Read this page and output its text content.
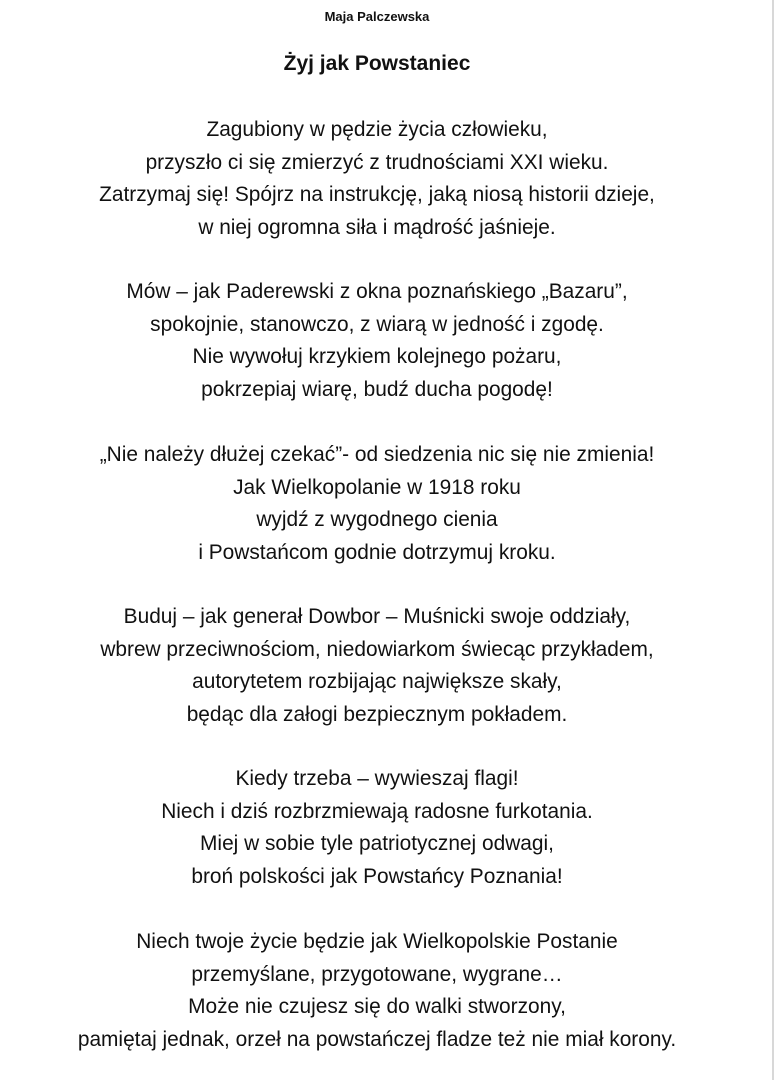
Maja Palczewska
Żyj jak Powstaniec
Zagubiony w pędzie życia człowieku,
przyszło ci się zmierzyć z trudnościami XXI wieku.
Zatrzymaj się! Spójrz na instrukcję, jaką niosą historii dzieje,
w niej ogromna siła i mądrość jaśnieje.
Mów – jak Paderewski z okna poznańskiego „Bazaru”,
spokojnie, stanowczo, z wiarą w jedność i zgodę.
Nie wywołuj krzykiem kolejnego pożaru,
pokrzepiaj wiarę, budź ducha pogodę!
„Nie należy dłużej czekać”- od siedzenia nic się nie zmienia!
Jak Wielkopolanie w 1918 roku
wyjdź z wygodnego cienia
i Powstańcom godnie dotrzymuj kroku.
Buduj – jak generał Dowbor – Muśnicki swoje oddziały,
wbrew przeciwnościom, niedowiarkom świecąc przykładem,
autorytetem rozbijając największe skały,
będąc dla załogi bezpiecznym pokładem.
Kiedy trzeba – wywieszaj flagi!
Niech i dziś rozbrzmiewają radosne furkotania.
Miej w sobie tyle patriotycznej odwagi,
broń polskości jak Powstańcy Poznania!
Niech twoje życie będzie jak Wielkopolskie Postanie
przemyślane, przygotowane, wygrane…
Może nie czujesz się do walki stworzony,
pamiętaj jednak, orzeł na powstańczej fladze też nie miał korony.
